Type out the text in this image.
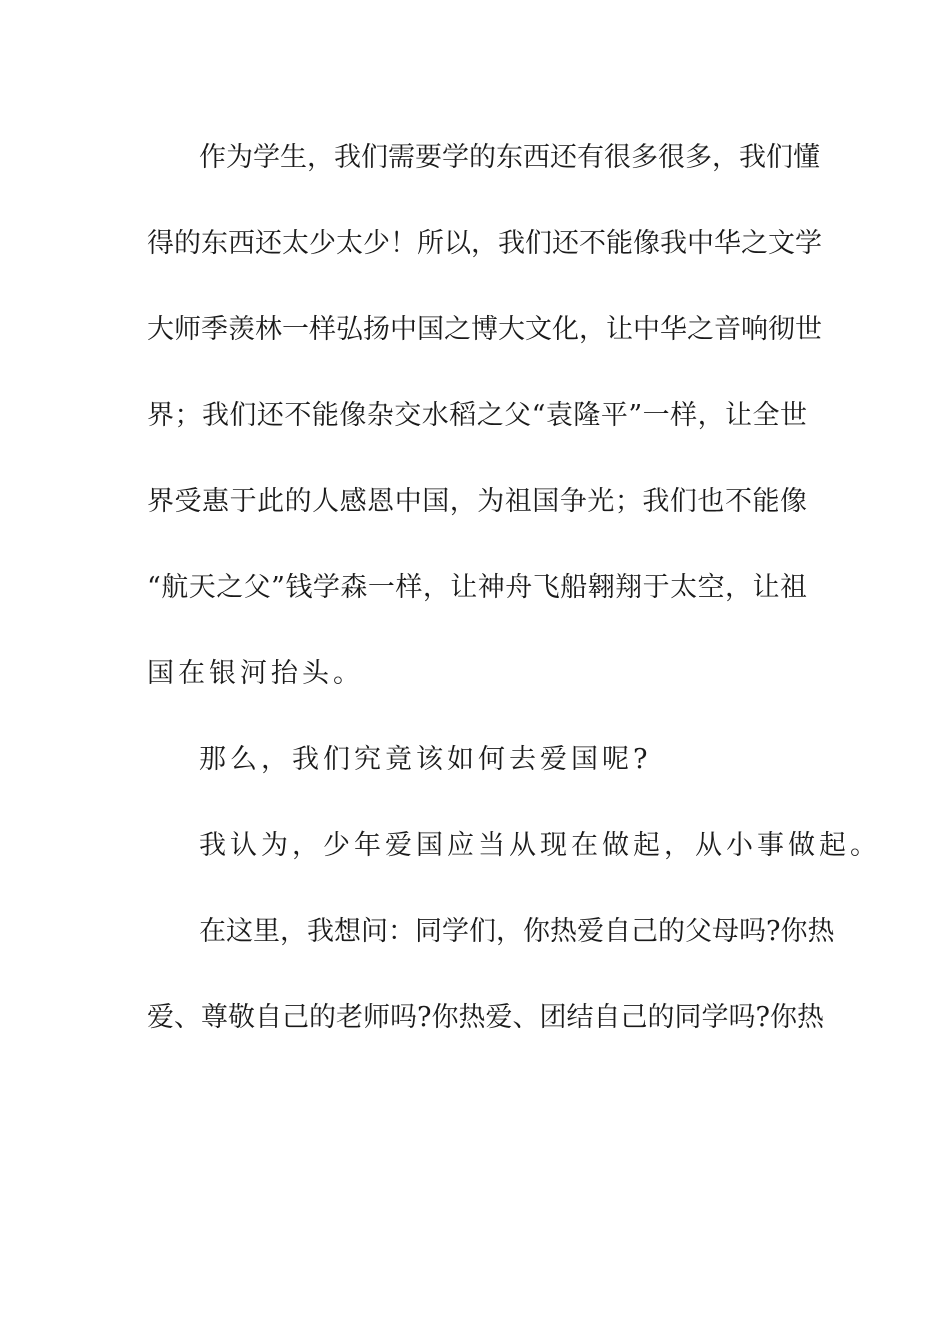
作为学生，我们需要学的东西还有很多很多，我们懂
得的东西还太少太少！所以，我们还不能像我中华之文学
大师季羡林一样弘扬中国之博大文化，让中华之音响彻世
界；我们还不能像杂交水稻之父“袁隆平”一样，让全世
界受惠于此的人感恩中国，为祖国争光；我们也不能像
“航天之父”钱学森一样，让神舟飞船翱翔于太空，让祖
国在银河抬头。
那么，我们究竟该如何去爱国呢?
我认为，少年爱国应当从现在做起，从小事做起。
在这里，我想问：同学们，你热爱自己的父母吗?你热
爱、尊敬自己的老师吗?你热爱、团结自己的同学吗?你热
